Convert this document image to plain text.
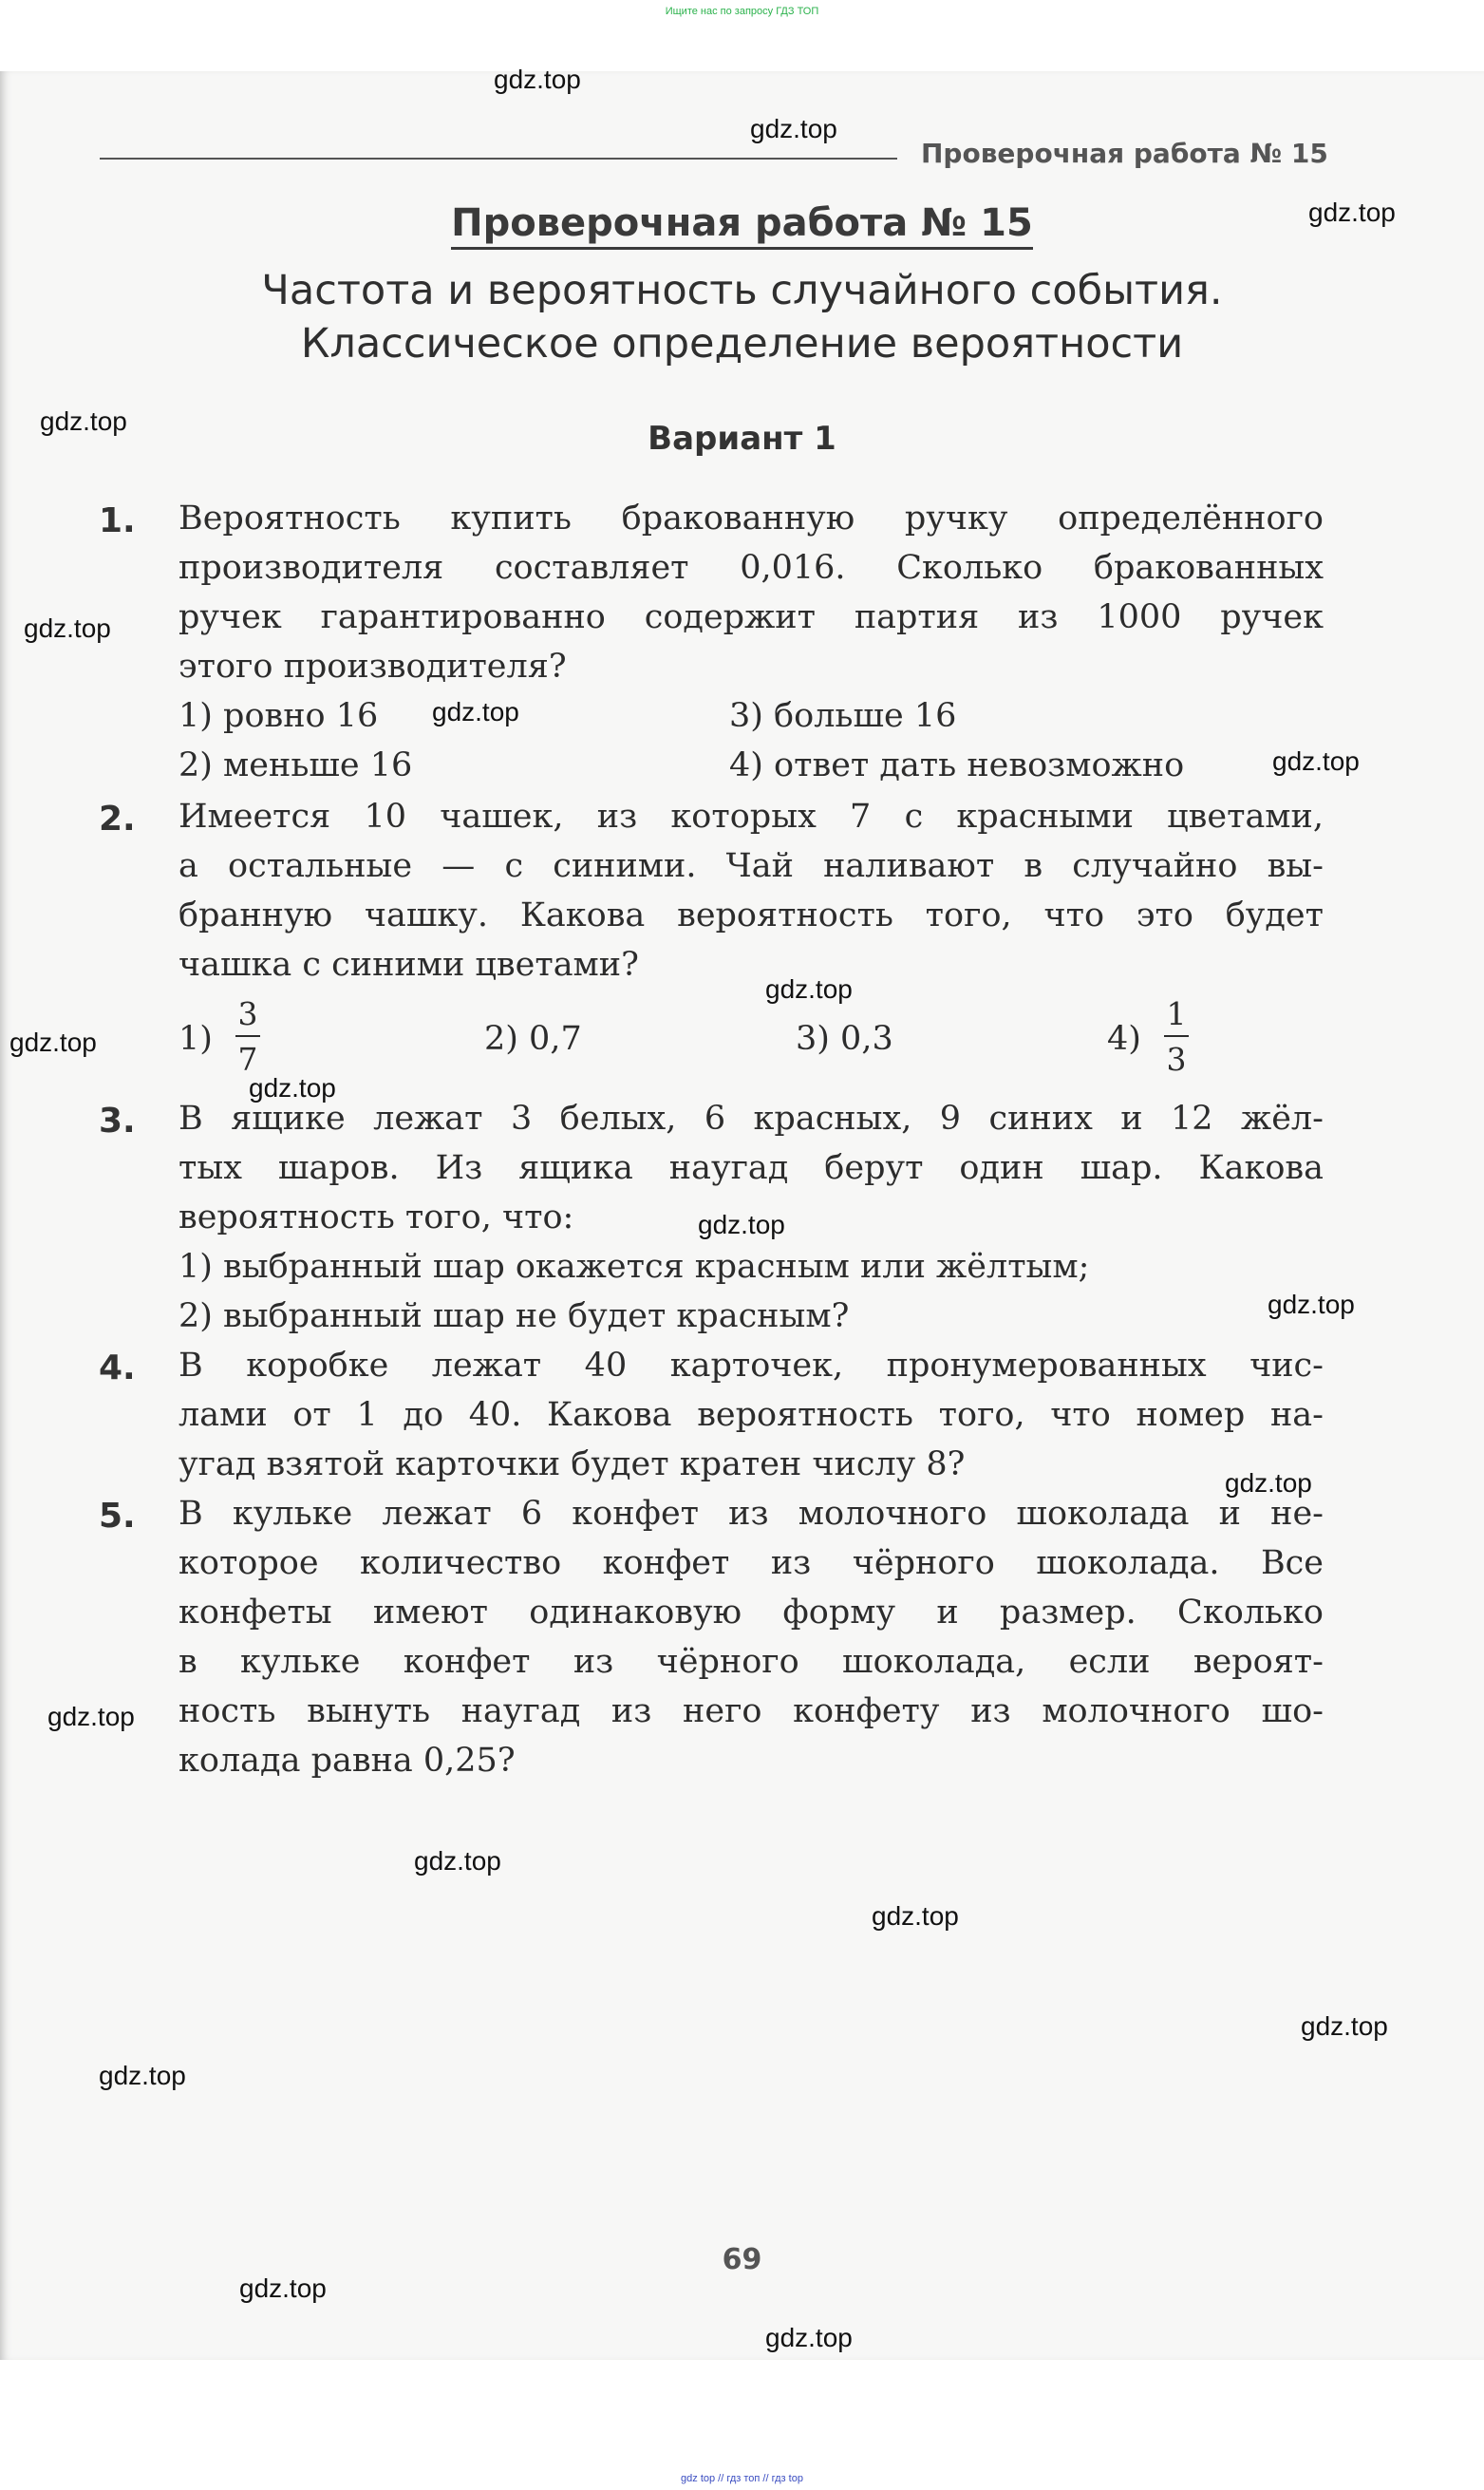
Ищите нас по запросу ГДЗ ТОП
Проверочная работа № 15
Проверочная работа № 15
Частота и вероятность случайного события.
Классическое определение вероятности
Вариант 1
1. Вероятность купить бракованную ручку определённого
производителя составляет 0,016. Сколько бракованных
ручек гарантированно содержит партия из 1000 ручек
этого производителя?
1) ровно 16	3) больше 16
2) меньше 16	4) ответ дать невозможно
2. Имеется 10 чашек, из которых 7 с красными цветами,
а остальные — с синими. Чай наливают в случайно вы-
бранную чашку. Какова вероятность того, что это будет
чашка с синими цветами?
1)
3
7
2) 0,7	3) 0,3	4)
1
3
3. В ящике лежат 3 белых, 6 красных, 9 синих и 12 жёл-
тых шаров. Из ящика наугад берут один шар. Какова
вероятность того, что:
1) выбранный шар окажется красным или жёлтым;
2) выбранный шар не будет красным?
4. В коробке лежат 40 карточек, пронумерованных чис-
лами от 1 до 40. Какова вероятность того, что номер на-
угад взятой карточки будет кратен числу 8?
5. В кульке лежат 6 конфет из молочного шоколада и не-
которое количество конфет из чёрного шоколада. Все
конфеты имеют одинаковую форму и размер. Сколько
в кульке конфет из чёрного шоколада, если вероят-
ность вынуть наугад из него конфету из молочного шо-
колада равна 0,25?
69
gdz.top
gdz.top
gdz.top
gdz.top
gdz.top
gdz.top
gdz.top
gdz.top
gdz.top
gdz.top
gdz.top
gdz.top
gdz.top
gdz.top
gdz.top
gdz.top
gdz.top
gdz.top
gdz.top
gdz.top
gdz top // гдз топ // гдз top
